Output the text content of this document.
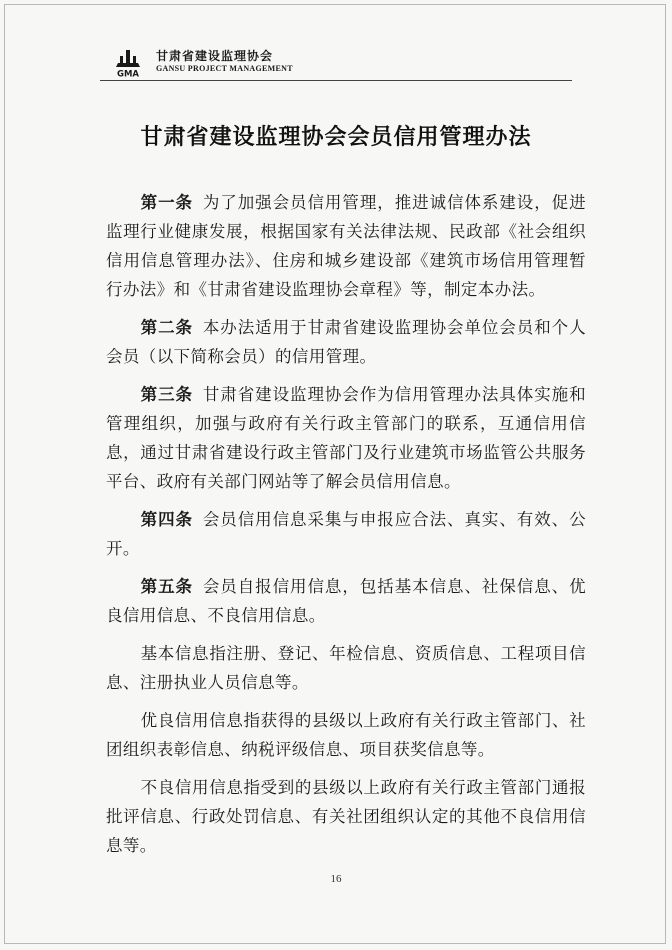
GMA
甘肃省建设监理协会
GANSU PROJECT MANAGEMENT
甘肃省建设监理协会会员信用管理办法

第一条 为了加强会员信用管理，推进诚信体系建设，促进监理行业健康发展，根据国家有关法律法规、民政部《社会组织信用信息管理办法》、住房和城乡建设部《建筑市场信用管理暂行办法》和《甘肃省建设监理协会章程》等，制定本办法。

第二条 本办法适用于甘肃省建设监理协会单位会员和个人会员（以下简称会员）的信用管理。

第三条 甘肃省建设监理协会作为信用管理办法具体实施和管理组织，加强与政府有关行政主管部门的联系，互通信用信息，通过甘肃省建设行政主管部门及行业建筑市场监管公共服务平台、政府有关部门网站等了解会员信用信息。

第四条 会员信用信息采集与申报应合法、真实、有效、公开。

第五条 会员自报信用信息，包括基本信息、社保信息、优良信用信息、不良信用信息。

基本信息指注册、登记、年检信息、资质信息、工程项目信息、注册执业人员信息等。

优良信用信息指获得的县级以上政府有关行政主管部门、社团组织表彰信息、纳税评级信息、项目获奖信息等。

不良信用信息指受到的县级以上政府有关行政主管部门通报批评信息、行政处罚信息、有关社团组织认定的其他不良信用信息等。

16
